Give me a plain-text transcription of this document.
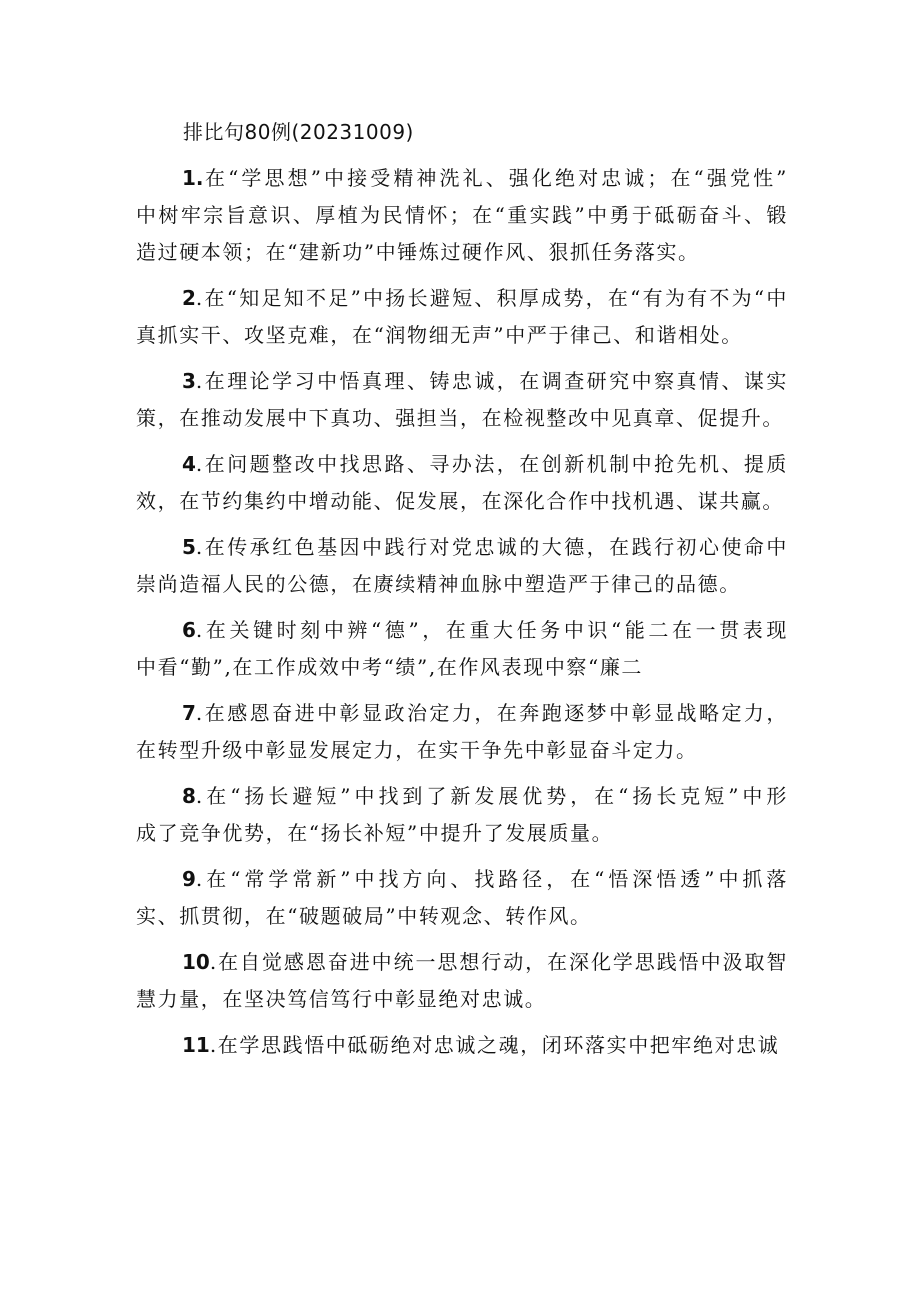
排比句80例(20231009)
1.在“学思想”中接受精神洗礼、强化绝对忠诚；在“强党性”
中树牢宗旨意识、厚植为民情怀；在“重实践”中勇于砥砺奋斗、锻
造过硬本领；在“建新功”中锤炼过硬作风、狠抓任务落实。
2.在“知足知不足”中扬长避短、积厚成势，在“有为有不为“中
真抓实干、攻坚克难，在“润物细无声”中严于律己、和谐相处。
3.在理论学习中悟真理、铸忠诚，在调查研究中察真情、谋实
策，在推动发展中下真功、强担当，在检视整改中见真章、促提升。
4.在问题整改中找思路、寻办法，在创新机制中抢先机、提质
效，在节约集约中增动能、促发展，在深化合作中找机遇、谋共赢。
5.在传承红色基因中践行对党忠诚的大德，在践行初心使命中
崇尚造福人民的公德，在赓续精神血脉中塑造严于律己的品德。
6.在关键时刻中辨“德”，在重大任务中识“能二在一贯表现
中看“勤”,在工作成效中考“绩”,在作风表现中察“廉二
7.在感恩奋进中彰显政治定力，在奔跑逐梦中彰显战略定力，
在转型升级中彰显发展定力，在实干争先中彰显奋斗定力。
8.在“扬长避短”中找到了新发展优势，在“扬长克短”中形
成了竞争优势，在“扬长补短”中提升了发展质量。
9.在“常学常新”中找方向、找路径，在“悟深悟透”中抓落
实、抓贯彻，在“破题破局”中转观念、转作风。
10.在自觉感恩奋进中统一思想行动，在深化学思践悟中汲取智
慧力量，在坚决笃信笃行中彰显绝对忠诚。
11.在学思践悟中砥砺绝对忠诚之魂，闭环落实中把牢绝对忠诚
